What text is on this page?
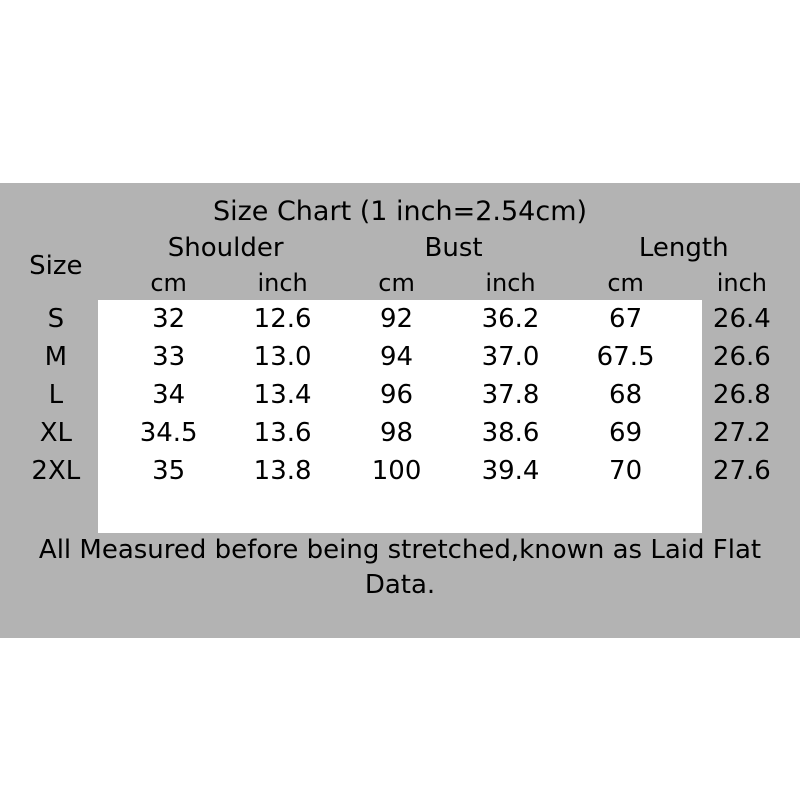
Size Chart (1 inch=2.54cm)
Size	Shoulder		Bust		Length	
	cm	inch	cm	inch	cm	inch
S	32	12.6	92	36.2	67	26.4
M	33	13.0	94	37.0	67.5	26.6
L	34	13.4	96	37.8	68	26.8
XL	34.5	13.6	98	38.6	69	27.2
2XL	35	13.8	100	39.4	70	27.6
All Measured before being stretched,known as Laid Flat Data.
